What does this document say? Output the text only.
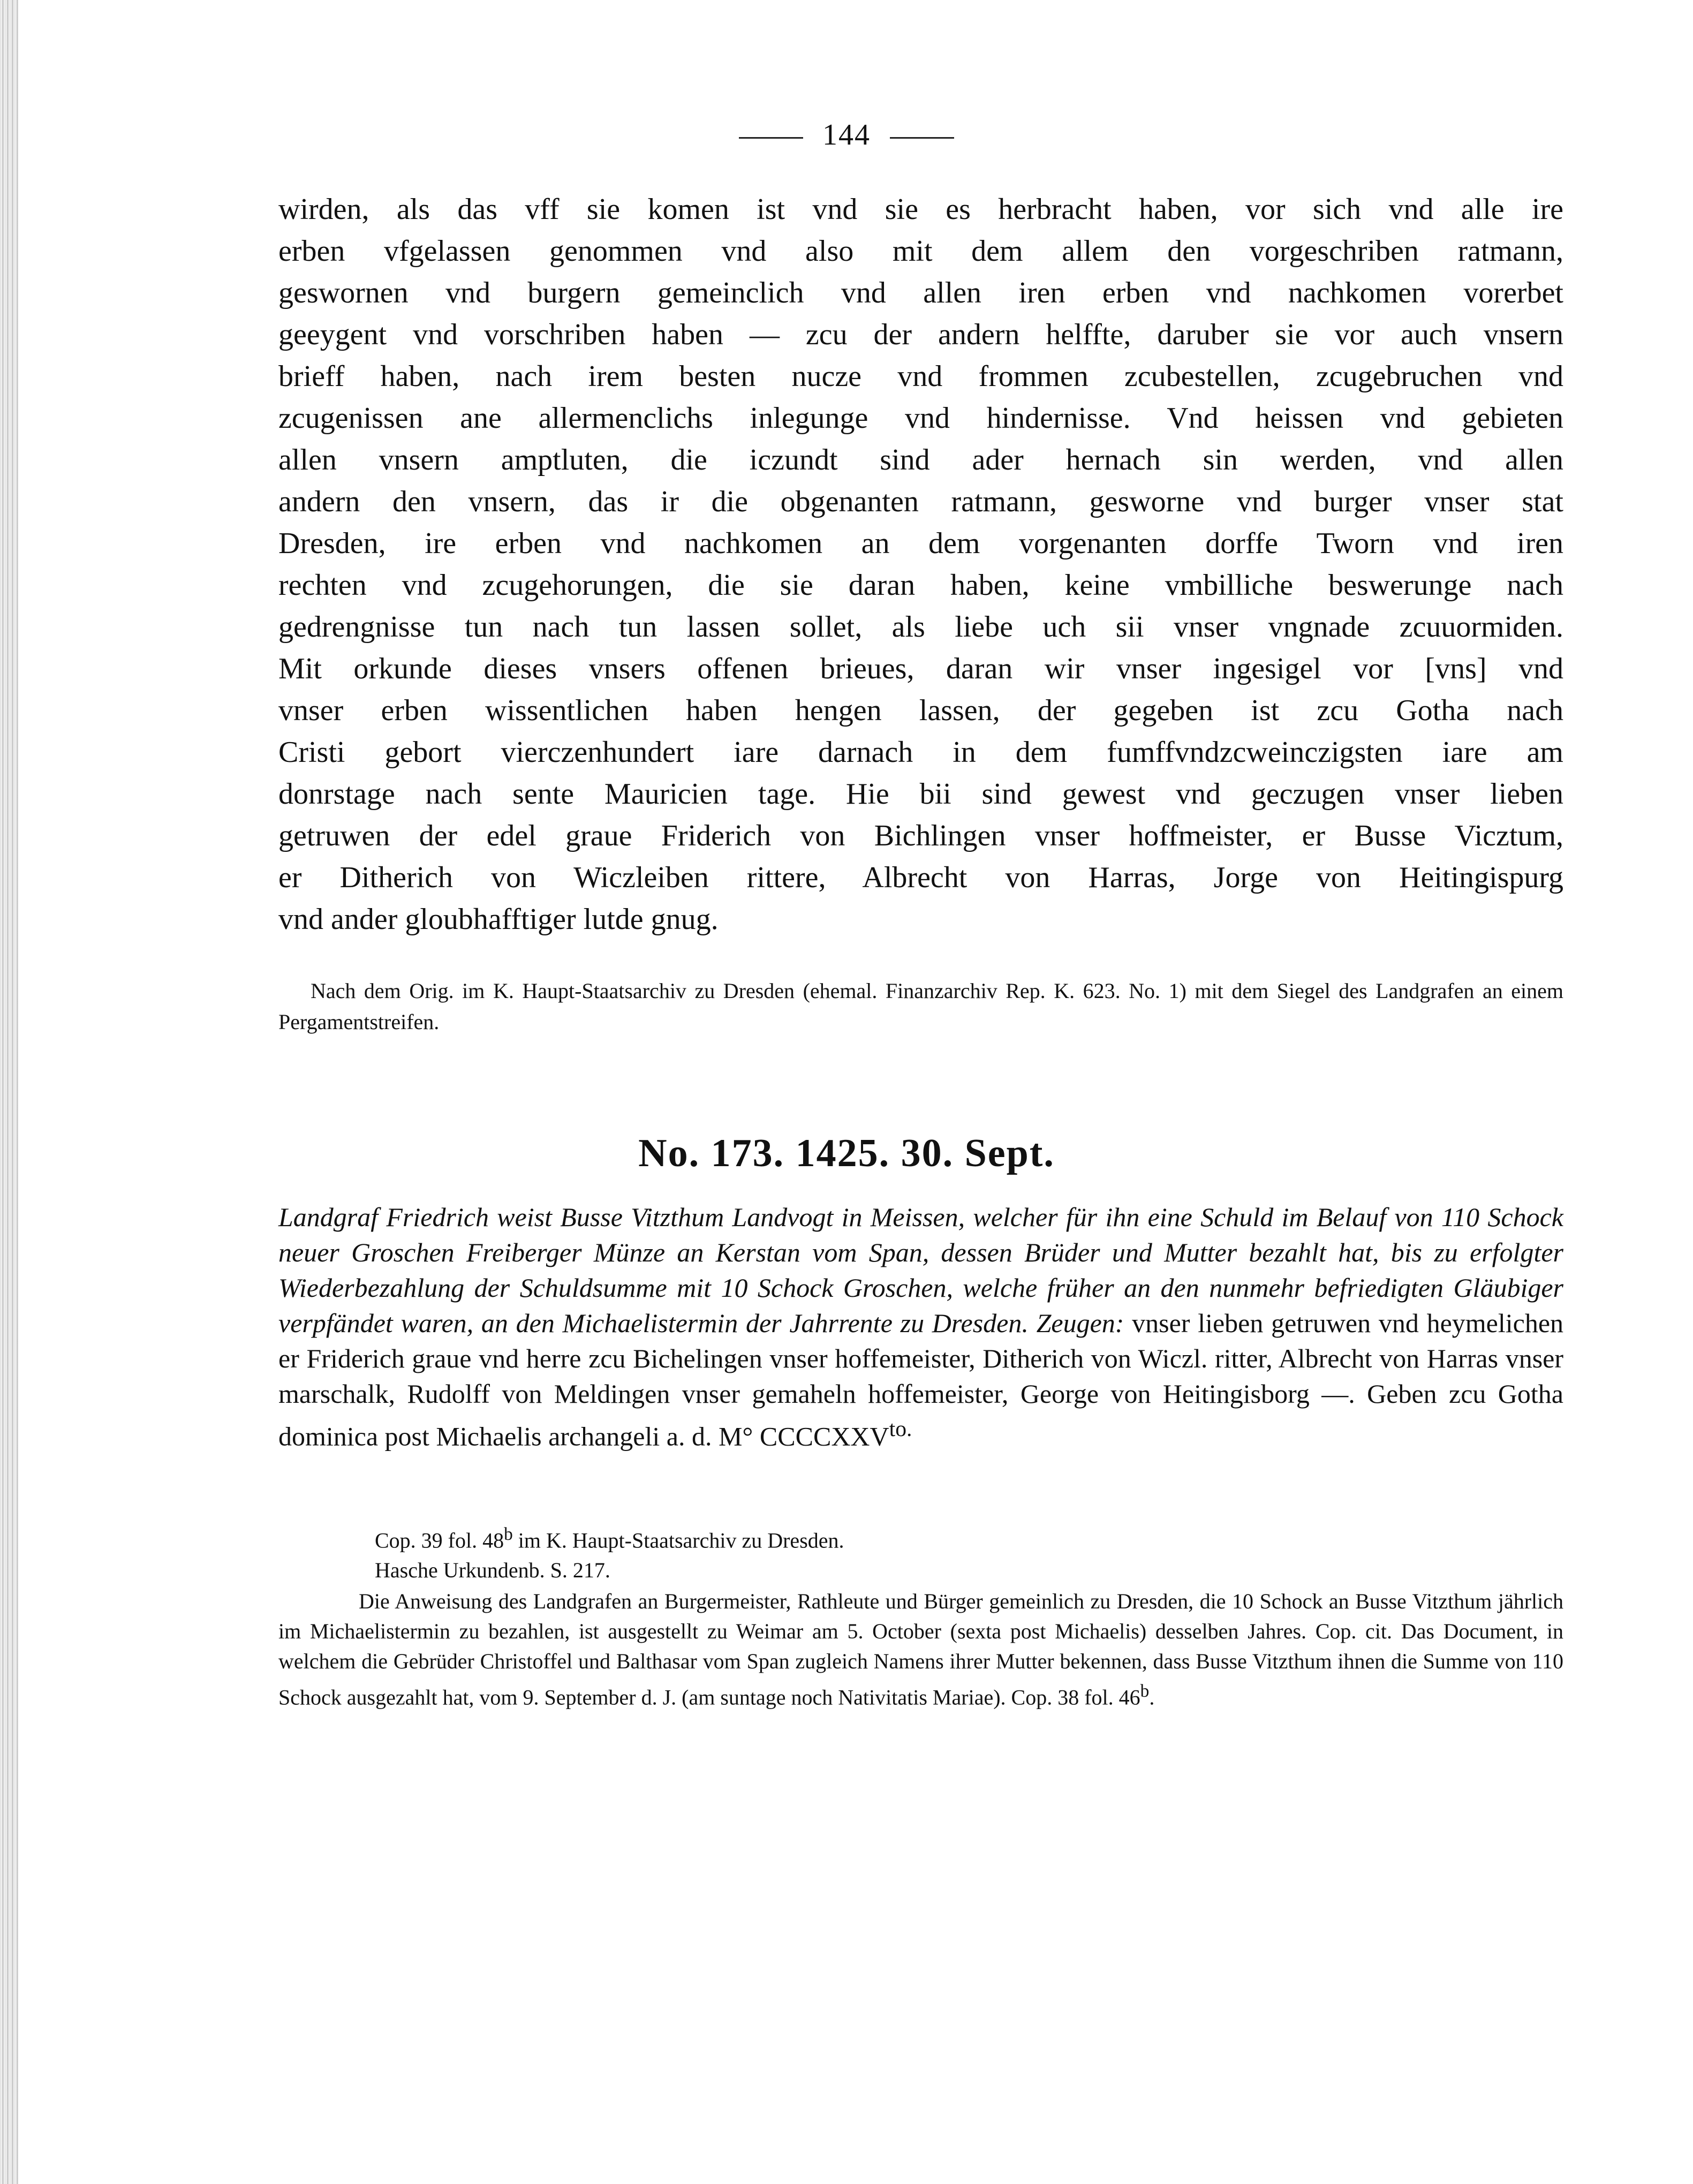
144
wirden, als das vff sie komen ist vnd sie es herbracht haben, vor sich vnd alle ire
erben vfgelassen genommen vnd also mit dem allem den vorgeschriben ratmann,
geswornen vnd burgern gemeinclich vnd allen iren erben vnd nachkomen vorerbet
geeygent vnd vorschriben haben — zcu der andern helffte, daruber sie vor auch vnsern
brieff haben, nach irem besten nucze vnd frommen zcubestellen, zcugebruchen vnd
zcugenissen ane allermenclichs inlegunge vnd hindernisse. Vnd heissen vnd gebieten
allen vnsern amptluten, die iczundt sind ader hernach sin werden, vnd allen
andern den vnsern, das ir die obgenanten ratmann, gesworne vnd burger vnser stat
Dresden, ire erben vnd nachkomen an dem vorgenanten dorffe Tworn vnd iren
rechten vnd zcugehorungen, die sie daran haben, keine vmbilliche beswerunge nach
gedrengnisse tun nach tun lassen sollet, als liebe uch sii vnser vngnade zcuuormiden.
Mit orkunde dieses vnsers offenen brieues, daran wir vnser ingesigel vor [vns] vnd
vnser erben wissentlichen haben hengen lassen, der gegeben ist zcu Gotha nach
Cristi gebort vierczenhundert iare darnach in dem fumffvndzcweinczigsten iare am
donrstage nach sente Mauricien tage. Hie bii sind gewest vnd geczugen vnser lieben
getruwen der edel graue Friderich von Bichlingen vnser hoffmeister, er Busse Vicztum,
er Ditherich von Wiczleiben rittere, Albrecht von Harras, Jorge von Heitingispurg
vnd ander gloubhafftiger lutde gnug.

Nach dem Orig. im K. Haupt-Staatsarchiv zu Dresden (ehemal. Finanzarchiv Rep. K. 623. No. 1) mit dem Siegel des Landgrafen an einem Pergamentstreifen.

No. 173. 1425. 30. Sept.

Landgraf Friedrich weist Busse Vitzthum Landvogt in Meissen, welcher für ihn eine Schuld im Belauf von 110 Schock neuer Groschen Freiberger Münze an Kerstan vom Span, dessen Brüder und Mutter bezahlt hat, bis zu erfolgter Wiederbezahlung der Schuldsumme mit 10 Schock Groschen, welche früher an den nunmehr befriedigten Gläubiger verpfändet waren, an den Michaelistermin der Jahrrente zu Dresden. Zeugen: vnser lieben getruwen vnd heymelichen er Friderich graue vnd herre zcu Bichelingen vnser hoffemeister, Ditherich von Wiczl. ritter, Albrecht von Harras vnser marschalk, Rudolff von Meldingen vnser gemaheln hoffemeister, George von Heitingisborg —. Geben zcu Gotha dominica post Michaelis archangeli a. d. M° $CCCCXXV^{to.}$

Cop. 39 fol. 48$^b$ im K. Haupt-Staatsarchiv zu Dresden.
Hasche Urkundenb. S. 217.
Die Anweisung des Landgrafen an Burgermeister, Rathleute und Bürger gemeinlich zu Dresden, die 10 Schock an Busse Vitzthum jährlich im Michaelistermin zu bezahlen, ist ausgestellt zu Weimar am 5. October (sexta post Michaelis) desselben Jahres. Cop. cit. Das Document, in welchem die Gebrüder Christoffel und Balthasar vom Span zugleich Namens ihrer Mutter bekennen, dass Busse Vitzthum ihnen die Summe von 110 Schock ausgezahlt hat, vom 9. September d. J. (am suntage noch Nativitatis Mariae). Cop. 38 fol. 46$^b$.
